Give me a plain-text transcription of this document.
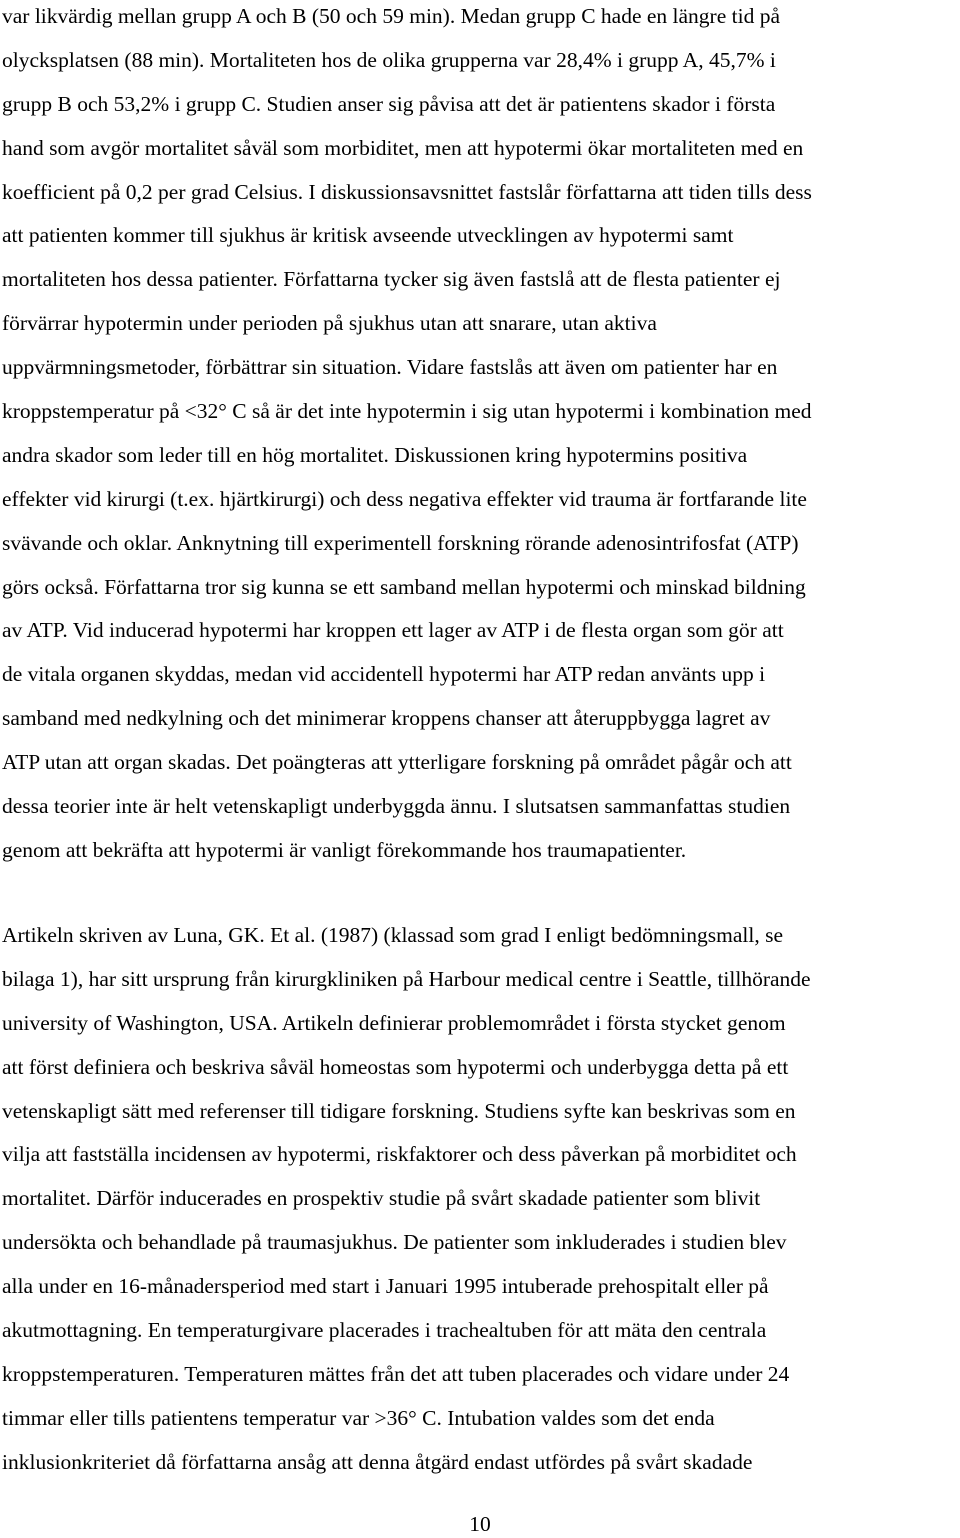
var likvärdig mellan grupp A och B (50 och 59 min). Medan grupp C hade en längre tid på
olycksplatsen (88 min). Mortaliteten hos de olika grupperna var 28,4% i grupp A, 45,7% i
grupp B och 53,2% i grupp C. Studien anser sig påvisa att det är patientens skador i första
hand som avgör mortalitet såväl som morbiditet, men att hypotermi ökar mortaliteten med en
koefficient på 0,2 per grad Celsius. I diskussionsavsnittet fastslår författarna att tiden tills dess
att patienten kommer till sjukhus är kritisk avseende utvecklingen av hypotermi samt
mortaliteten hos dessa patienter. Författarna tycker sig även fastslå att de flesta patienter ej
förvärrar hypotermin under perioden på sjukhus utan att snarare, utan aktiva
uppvärmningsmetoder, förbättrar sin situation. Vidare fastslås att även om patienter har en
kroppstemperatur på <32° C så är det inte hypotermin i sig utan hypotermi i kombination med
andra skador som leder till en hög mortalitet. Diskussionen kring hypotermins positiva
effekter vid kirurgi (t.ex. hjärtkirurgi) och dess negativa effekter vid trauma är fortfarande lite
svävande och oklar. Anknytning till experimentell forskning rörande adenosintrifosfat (ATP)
görs också. Författarna tror sig kunna se ett samband mellan hypotermi och minskad bildning
av ATP. Vid inducerad hypotermi har kroppen ett lager av ATP i de flesta organ som gör att
de vitala organen skyddas, medan vid accidentell hypotermi har ATP redan använts upp i
samband med nedkylning och det minimerar kroppens chanser att återuppbygga lagret av
ATP utan att organ skadas. Det poängteras att ytterligare forskning på området pågår och att
dessa teorier inte är helt vetenskapligt underbyggda ännu. I slutsatsen sammanfattas studien
genom att bekräfta att hypotermi är vanligt förekommande hos traumapatienter.
Artikeln skriven av Luna, GK. Et al. (1987) (klassad som grad I enligt bedömningsmall, se
bilaga 1), har sitt ursprung från kirurgkliniken på Harbour medical centre i Seattle, tillhörande
university of Washington, USA. Artikeln definierar problemområdet i första stycket genom
att först definiera och beskriva såväl homeostas som hypotermi och underbygga detta på ett
vetenskapligt sätt med referenser till tidigare forskning. Studiens syfte kan beskrivas som en
vilja att fastställa incidensen av hypotermi, riskfaktorer och dess påverkan på morbiditet och
mortalitet. Därför inducerades en prospektiv studie på svårt skadade patienter som blivit
undersökta och behandlade på traumasjukhus. De patienter som inkluderades i studien blev
alla under en 16-månadersperiod med start i Januari 1995 intuberade prehospitalt eller på
akutmottagning. En temperaturgivare placerades i trachealtuben för att mäta den centrala
kroppstemperaturen. Temperaturen mättes från det att tuben placerades och vidare under 24
timmar eller tills patientens temperatur var >36° C. Intubation valdes som det enda
inklusionkriteriet då författarna ansåg att denna åtgärd endast utfördes på svårt skadade
10
